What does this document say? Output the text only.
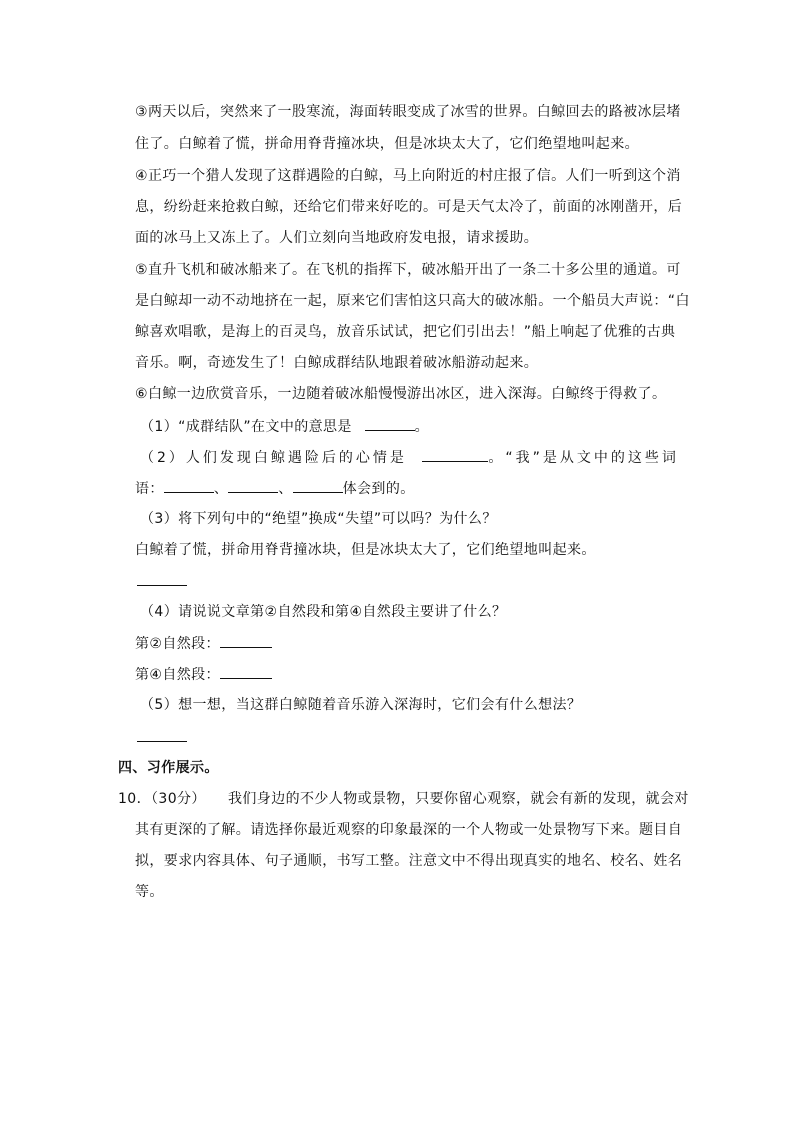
③两天以后，突然来了一股寒流，海面转眼变成了冰雪的世界。白鲸回去的路被冰层堵
住了。白鲸着了慌，拼命用脊背撞冰块，但是冰块太大了，它们绝望地叫起来。
④正巧一个猎人发现了这群遇险的白鲸，马上向附近的村庄报了信。人们一听到这个消
息，纷纷赶来抢救白鲸，还给它们带来好吃的。可是天气太冷了，前面的冰刚凿开，后
面的冰马上又冻上了。人们立刻向当地政府发电报，请求援助。
⑤直升飞机和破冰船来了。在飞机的指挥下，破冰船开出了一条二十多公里的通道。可
是白鲸却一动不动地挤在一起，原来它们害怕这只高大的破冰船。一个船员大声说：“白
鲸喜欢唱歌，是海上的百灵鸟，放音乐试试，把它们引出去！”船上响起了优雅的古典
音乐。啊，奇迹发生了！白鲸成群结队地跟着破冰船游动起来。
⑥白鲸一边欣赏音乐，一边随着破冰船慢慢游出冰区，进入深海。白鲸终于得救了。
（1）“成群结队”在文中的意思是	。
（2）人们发现白鲸遇险后的心情是	。“我”是从文中的这些词
语：	、	、	体会到的。
（3）将下列句中的“绝望”换成“失望”可以吗？为什么？
白鲸着了慌，拼命用脊背撞冰块，但是冰块太大了，它们绝望地叫起来。
（4）请说说文章第②自然段和第④自然段主要讲了什么？
第②自然段：
第④自然段：
（5）想一想，当这群白鲸随着音乐游入深海时，它们会有什么想法？
四、习作展示。
10．（30分） 我们身边的不少人物或景物，只要你留心观察，就会有新的发现，就会对
其有更深的了解。请选择你最近观察的印象最深的一个人物或一处景物写下来。题目自
拟，要求内容具体、句子通顺，书写工整。注意文中不得出现真实的地名、校名、姓名
等。
